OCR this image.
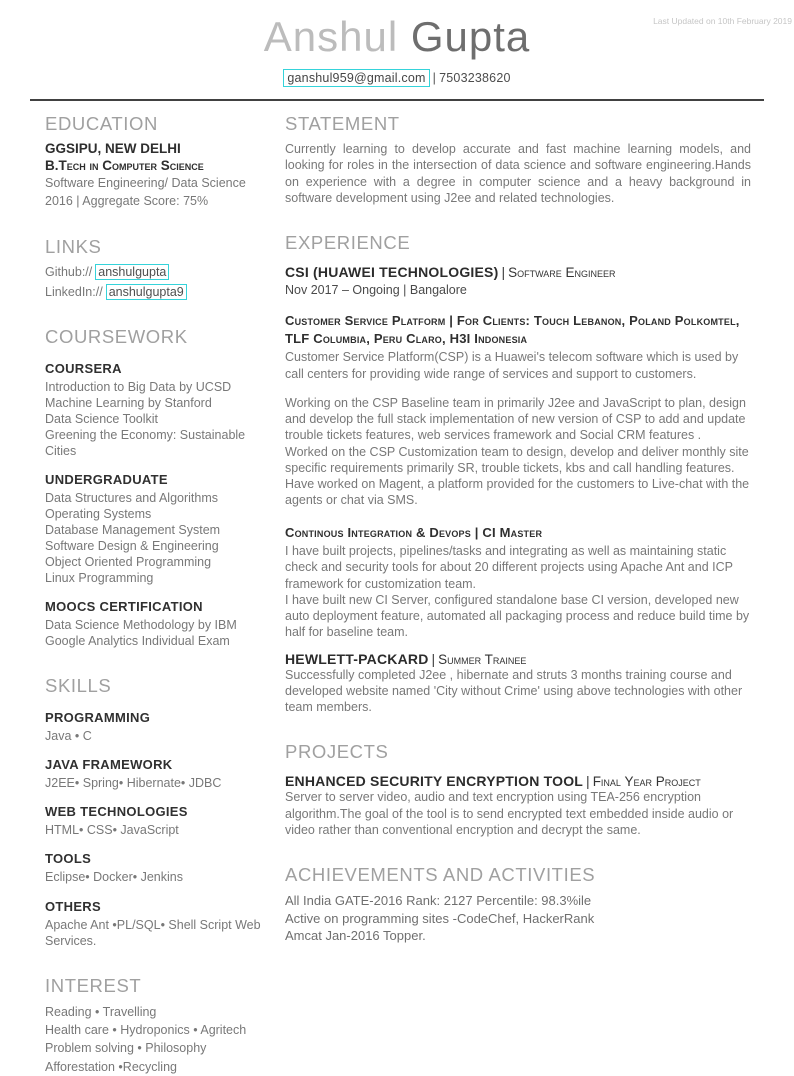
Last Updated on 10th February 2019
Anshul Gupta
ganshul959@gmail.com | 7503238620
EDUCATION
GGSIPU, NEW DELHI
B.Tech in Computer Science
Software Engineering/ Data Science
2016 | Aggregate Score: 75%
LINKS
Github:// anshulgupta
LinkedIn:// anshulgupta9
COURSEWORK
COURSERA
Introduction to Big Data by UCSD
Machine Learning by Stanford
Data Science Toolkit
Greening the Economy: Sustainable Cities
UNDERGRADUATE
Data Structures and Algorithms
Operating Systems
Database Management System
Software Design & Engineering
Object Oriented Programming
Linux Programming
MOOCS CERTIFICATION
Data Science Methodology by IBM
Google Analytics Individual Exam
SKILLS
PROGRAMMING
Java • C
JAVA FRAMEWORK
J2EE• Spring• Hibernate• JDBC
WEB TECHNOLOGIES
HTML• CSS• JavaScript
TOOLS
Eclipse• Docker• Jenkins
OTHERS
Apache Ant •PL/SQL• Shell Script Web Services.
INTEREST
Reading • Travelling
Health care • Hydroponics • Agritech
Problem solving • Philosophy
Afforestation •Recycling
STATEMENT

Currently learning to develop accurate and fast machine learning models, and looking for roles in the intersection of data science and software engineering.Hands on experience with a degree in computer science and a heavy background in software development using J2ee and related technologies.

EXPERIENCE
CSI (HUAWEI TECHNOLOGIES) | Software Engineer
Nov 2017 – Ongoing | Bangalore
Customer Service Platform | For Clients: Touch Lebanon, Poland Polkomtel, TLF Columbia, Peru Claro, H3I Indonesia

Customer Service Platform(CSP) is a Huawei's telecom software which is used by call centers for providing wide range of services and support to customers.

Working on the CSP Baseline team in primarily J2ee and JavaScript to plan, design and develop the full stack implementation of new version of CSP to add and update trouble tickets features, web services framework and Social CRM features .

Worked on the CSP Customization team to design, develop and deliver monthly site specific requirements primarily SR, trouble tickets, kbs and call handling features.

Have worked on Magent, a platform provided for the customers to Live-chat with the agents or chat via SMS.

Continous Integration & Devops | CI Master

I have built projects, pipelines/tasks and integrating as well as maintaining static check and security tools for about 20 different projects using Apache Ant and ICP framework for customization team.

I have built new CI Server, configured standalone base CI version, developed new auto deployment feature, automated all packaging process and reduce build time by half for baseline team.

HEWLETT-PACKARD | Summer Trainee

Successfully completed J2ee , hibernate and struts 3 months training course and developed website named 'City without Crime' using above technologies with other team members.

PROJECTS
ENHANCED SECURITY ENCRYPTION TOOL | Final Year Project

Server to server video, audio and text encryption using TEA-256 encryption algorithm.The goal of the tool is to send encrypted text embedded inside audio or video rather than conventional encryption and decrypt the same.

ACHIEVEMENTS AND ACTIVITIES
All India GATE-2016 Rank: 2127 Percentile: 98.3%ile
Active on programming sites -CodeChef, HackerRank
Amcat Jan-2016 Topper.
